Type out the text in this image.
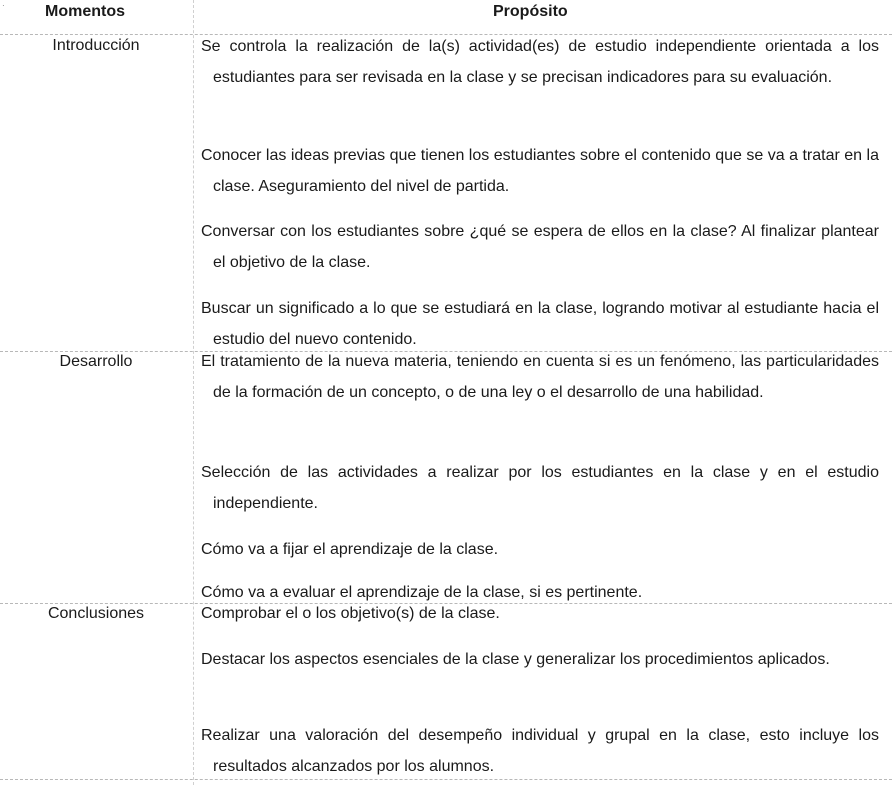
·	Momentos	Propósito
Introducción	Se controla la realización de la(s) actividad(es) de estudio independiente orientada a los estudiantes para ser revisada en la clase y se precisan indicadores para su evaluación.
Conocer las ideas previas que tienen los estudiantes sobre el contenido que se va a tratar en la clase. Aseguramiento del nivel de partida.
Conversar con los estudiantes sobre ¿qué se espera de ellos en la clase? Al finalizar plantear el objetivo de la clase.
Buscar un significado a lo que se estudiará en la clase, logrando motivar al estudiante hacia el estudio del nuevo contenido.
Desarrollo	El tratamiento de la nueva materia, teniendo en cuenta si es un fenómeno, las particularidades de la formación de un concepto, o de una ley o el desarrollo de una habilidad.
Selección de las actividades a realizar por los estudiantes en la clase y en el estudio independiente.
Cómo va a fijar el aprendizaje de la clase.
Cómo va a evaluar el aprendizaje de la clase, si es pertinente.
Conclusiones	Comprobar el o los objetivo(s) de la clase.
Destacar los aspectos esenciales de la clase y generalizar los procedimientos aplicados.
Realizar una valoración del desempeño individual y grupal en la clase, esto incluye los resultados alcanzados por los alumnos.
